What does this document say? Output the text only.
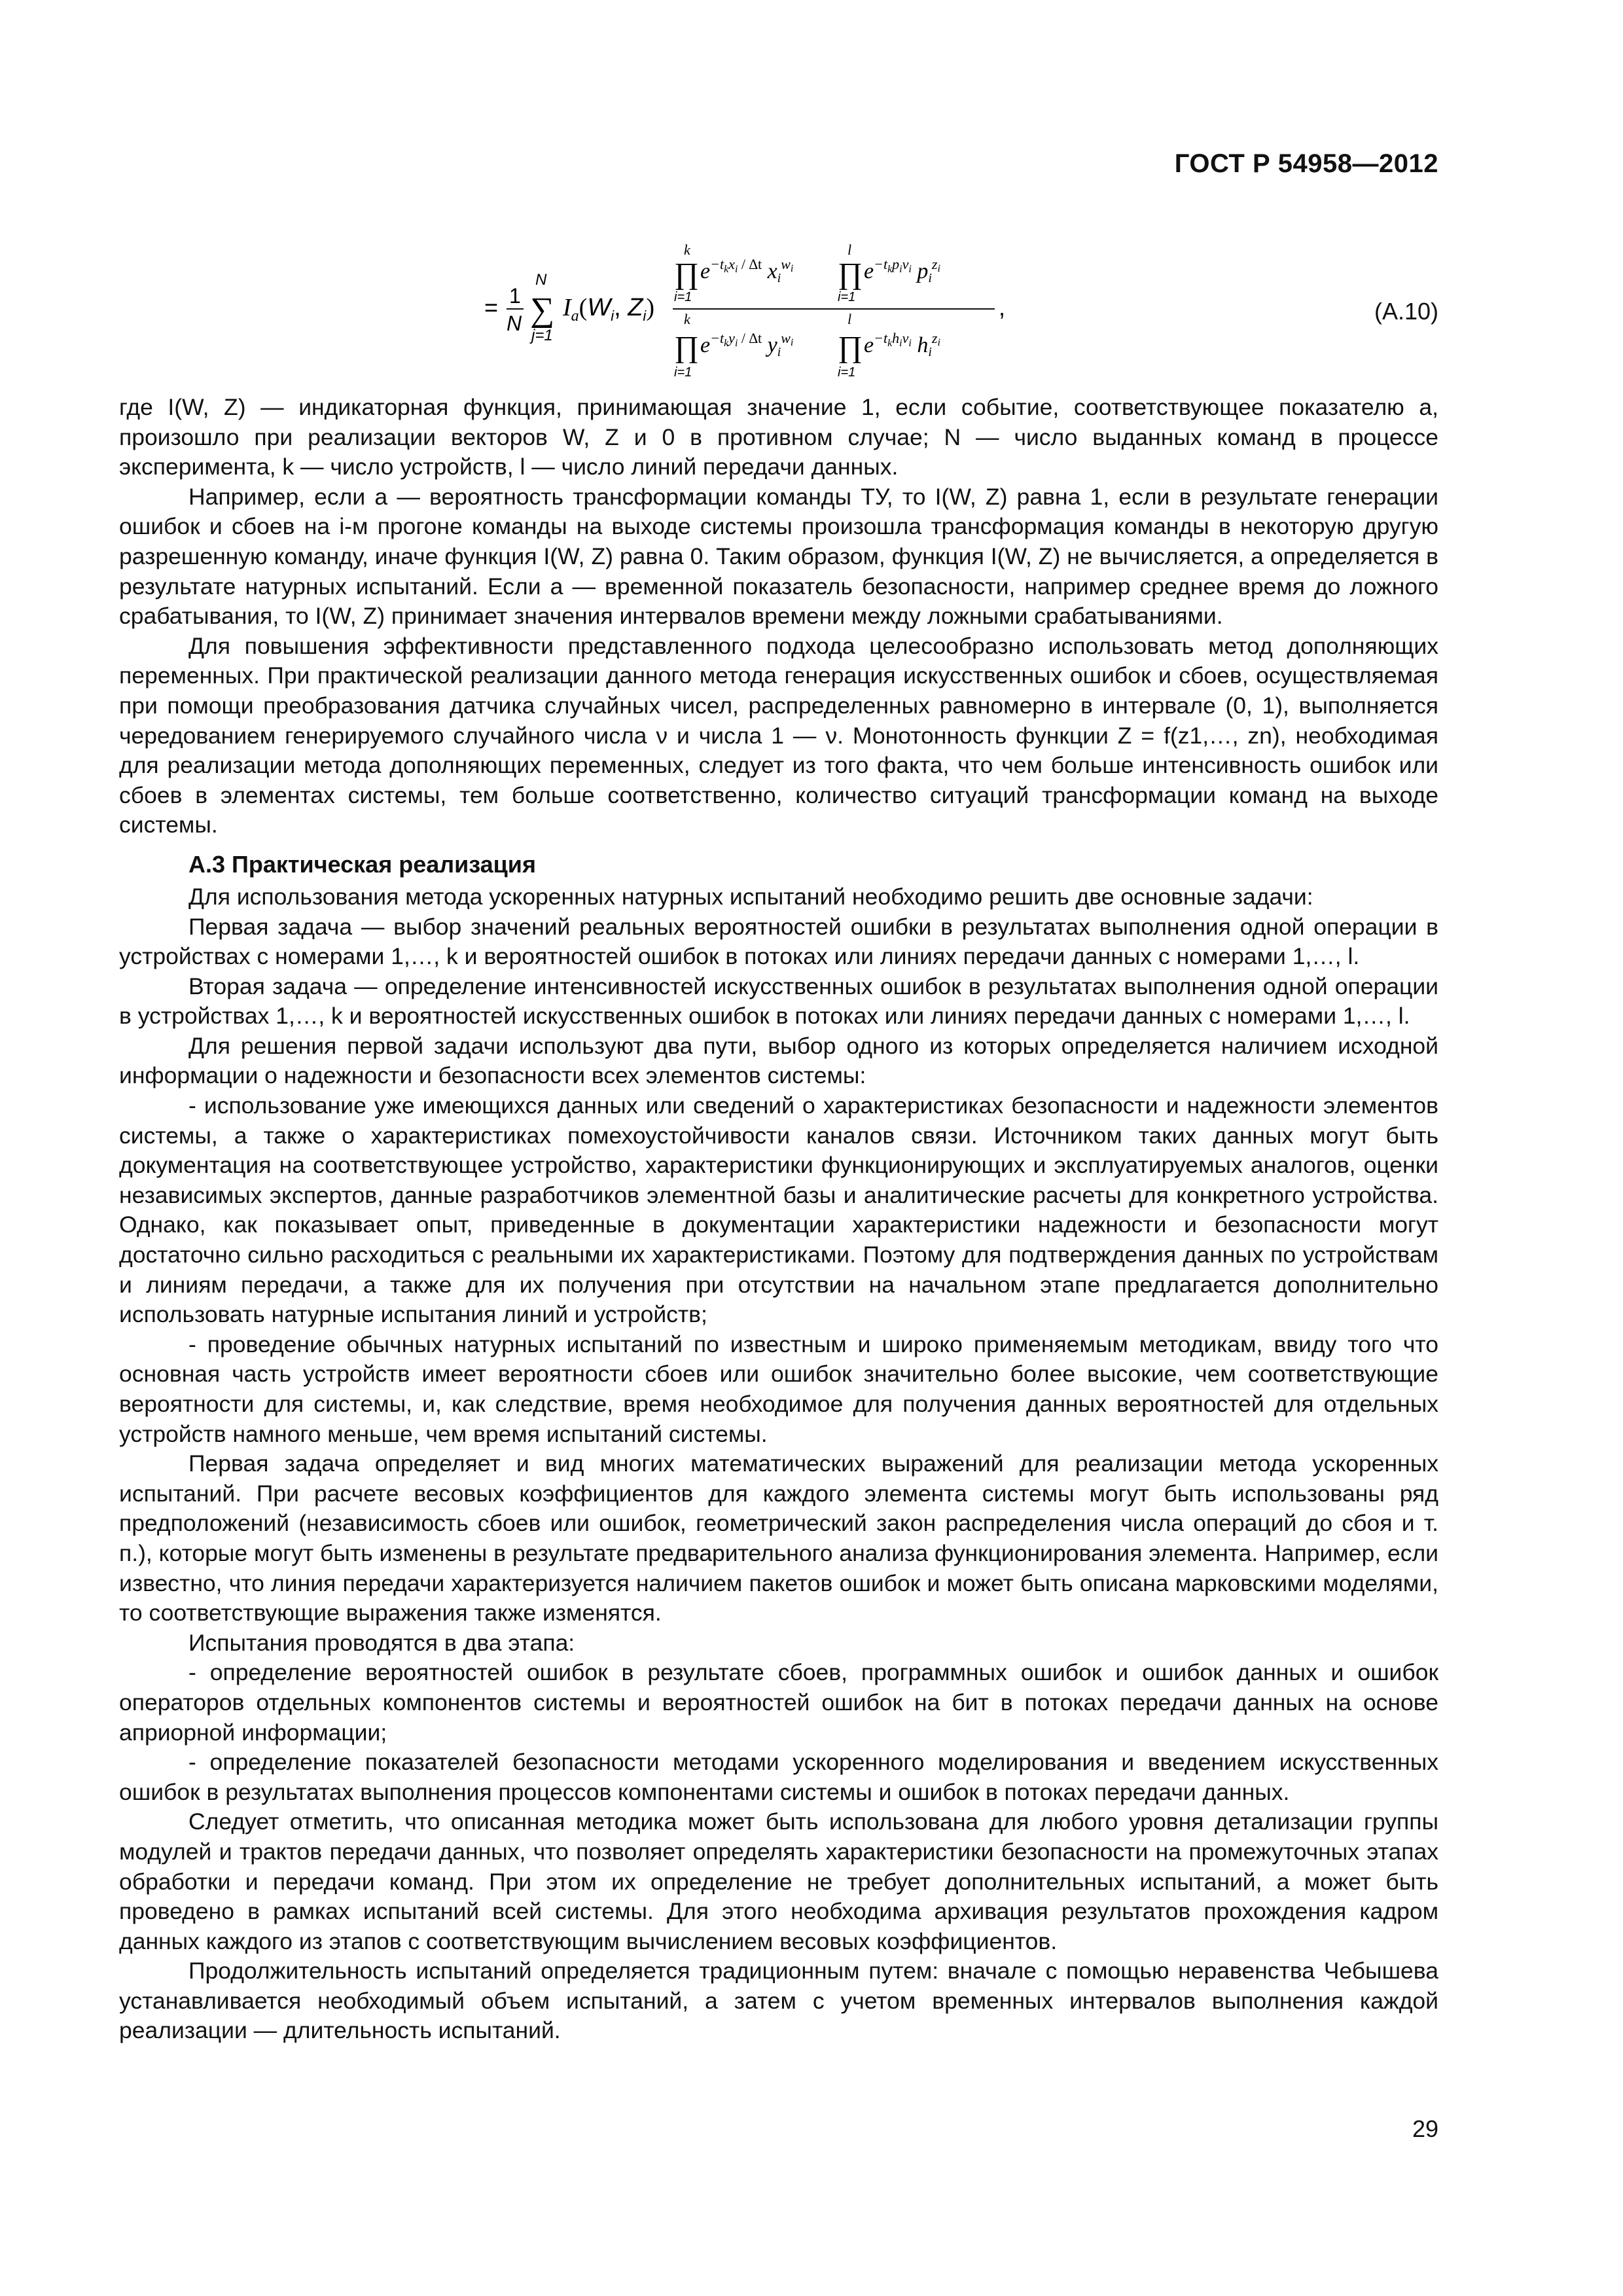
ГОСТ Р 54958—2012
= 1
N
N
∑
j=1
$I_a(W_i$, $Z_i$)
k
∏
i=1
$e^{-t_kx_i / \Delta t}$ $xi^wi$
l
∏
i=1
$e^{-t_kp_iv_i}$ $pi^zi$
k
∏
i=1
$e^{-t_ky_i / \Delta t}$ $yi^wi$
l
∏
i=1
$e^{-t_kh_iv_i}$ $hi^zi$
,	(А.10)

где I(W, Z) — индикаторная функция, принимающая значение 1, если событие, соответствующее показателю а, произошло при реализации векторов W, Z и 0 в противном случае; N — число выданных команд в процессе эксперимента, k — число устройств, l — число линий передачи данных.

Например, если а — вероятность трансформации команды ТУ, то I(W, Z) равна 1, если в результате генерации ошибок и сбоев на i-м прогоне команды на выходе системы произошла трансформация команды в некоторую другую разрешенную команду, иначе функция I(W, Z) равна 0. Таким образом, функция I(W, Z) не вычисляется, а определяется в результате натурных испытаний. Если а — временной показатель безопасности, например среднее время до ложного срабатывания, то I(W, Z) принимает значения интервалов времени между ложными срабатываниями.

Для повышения эффективности представленного подхода целесообразно использовать метод дополняющих переменных. При практической реализации данного метода генерация искусственных ошибок и сбоев, осуществляемая при помощи преобразования датчика случайных чисел, распределенных равномерно в интервале (0, 1), выполняется чередованием генерируемого случайного числа ν и числа 1 — ν. Монотонность функции Z = f(z1,…, zn), необходимая для реализации метода дополняющих переменных, следует из того факта, что чем больше интенсивность ошибок или сбоев в элементах системы, тем больше соответственно, количество ситуаций трансформации команд на выходе системы.

А.3 Практическая реализация

Для использования метода ускоренных натурных испытаний необходимо решить две основные задачи:

Первая задача — выбор значений реальных вероятностей ошибки в результатах выполнения одной операции в устройствах с номерами 1,…, k и вероятностей ошибок в потоках или линиях передачи данных с номерами 1,…, l.

Вторая задача — определение интенсивностей искусственных ошибок в результатах выполнения одной операции в устройствах 1,…, k и вероятностей искусственных ошибок в потоках или линиях передачи данных с номерами 1,…, l.

Для решения первой задачи используют два пути, выбор одного из которых определяется наличием исходной информации о надежности и безопасности всех элементов системы:

- использование уже имеющихся данных или сведений о характеристиках безопасности и надежности элементов системы, а также о характеристиках помехоустойчивости каналов связи. Источником таких данных могут быть документация на соответствующее устройство, характеристики функционирующих и эксплуатируемых аналогов, оценки независимых экспертов, данные разработчиков элементной базы и аналитические расчеты для конкретного устройства. Однако, как показывает опыт, приведенные в документации характеристики надежности и безопасности могут достаточно сильно расходиться с реальными их характеристиками. Поэтому для подтверждения данных по устройствам и линиям передачи, а также для их получения при отсутствии на начальном этапе предлагается дополнительно использовать натурные испытания линий и устройств;

- проведение обычных натурных испытаний по известным и широко применяемым методикам, ввиду того что основная часть устройств имеет вероятности сбоев или ошибок значительно более высокие, чем соответствующие вероятности для системы, и, как следствие, время необходимое для получения данных вероятностей для отдельных устройств намного меньше, чем время испытаний системы.

Первая задача определяет и вид многих математических выражений для реализации метода ускоренных испытаний. При расчете весовых коэффициентов для каждого элемента системы могут быть использованы ряд предположений (независимость сбоев или ошибок, геометрический закон распределения числа операций до сбоя и т. п.), которые могут быть изменены в результате предварительного анализа функционирования элемента. Например, если известно, что линия передачи характеризуется наличием пакетов ошибок и может быть описана марковскими моделями, то соответствующие выражения также изменятся.

Испытания проводятся в два этапа:

- определение вероятностей ошибок в результате сбоев, программных ошибок и ошибок данных и ошибок операторов отдельных компонентов системы и вероятностей ошибок на бит в потоках передачи данных на основе априорной информации;

- определение показателей безопасности методами ускоренного моделирования и введением искусственных ошибок в результатах выполнения процессов компонентами системы и ошибок в потоках передачи данных.

Следует отметить, что описанная методика может быть использована для любого уровня детализации группы модулей и трактов передачи данных, что позволяет определять характеристики безопасности на промежуточных этапах обработки и передачи команд. При этом их определение не требует дополнительных испытаний, а может быть проведено в рамках испытаний всей системы. Для этого необходима архивация результатов прохождения кадром данных каждого из этапов с соответствующим вычислением весовых коэффициентов.

Продолжительность испытаний определяется традиционным путем: вначале с помощью неравенства Чебышева устанавливается необходимый объем испытаний, а затем с учетом временных интервалов выполнения каждой реализации — длительность испытаний.

29
